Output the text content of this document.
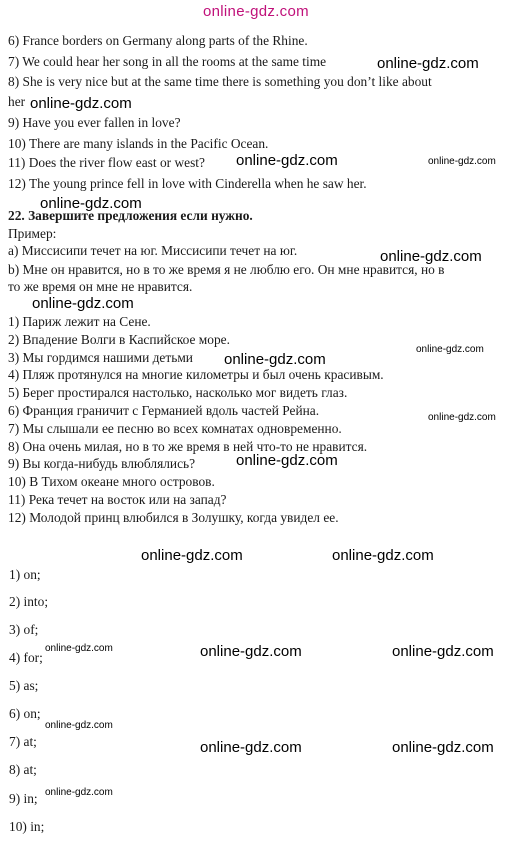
online-gdz.com
6) France borders on Germany along parts of the Rhine.
7) We could hear her song in all the rooms at the same time
8) She is very nice but at the same time there is something you don’t like about
her
9) Have you ever fallen in love?
10) There are many islands in the Pacific Ocean.
11) Does the river flow east or west?
12) The young prince fell in love with Cinderella when he saw her.
22. Завершите предложения если нужно.
Пример:
a) Миссисипи течет на юг. Миссисипи течет на юг.
b) Мне он нравится, но в то же время я не люблю его. Он мне нравится, но в
то же время он мне не нравится.
1) Париж лежит на Сене.
2) Впадение Волги в Каспийское море.
3) Мы гордимся нашими детьми
4) Пляж протянулся на многие километры и был очень красивым.
5) Берег простирался настолько, насколько мог видеть глаз.
6) Франция граничит с Германией вдоль частей Рейна.
7) Мы слышали ее песню во всех комнатах одновременно.
8) Она очень милая, но в то же время в ней что-то не нравится.
9) Вы когда-нибудь влюблялись?
10) В Тихом океане много островов.
11) Река течет на восток или на запад?
12) Молодой принц влюбился в Золушку, когда увидел ее.
1) on;
2) into;
3) of;
4) for;
5) as;
6) on;
7) at;
8) at;
9) in;
10) in;
online-gdz.com
online-gdz.com
online-gdz.com	online-gdz.com
online-gdz.com
online-gdz.com
online-gdz.com
online-gdz.com
online-gdz.com
online-gdz.com
online-gdz.com
online-gdz.com	online-gdz.com
online-gdz.com	online-gdz.com	online-gdz.com
online-gdz.com
online-gdz.com	online-gdz.com
online-gdz.com
